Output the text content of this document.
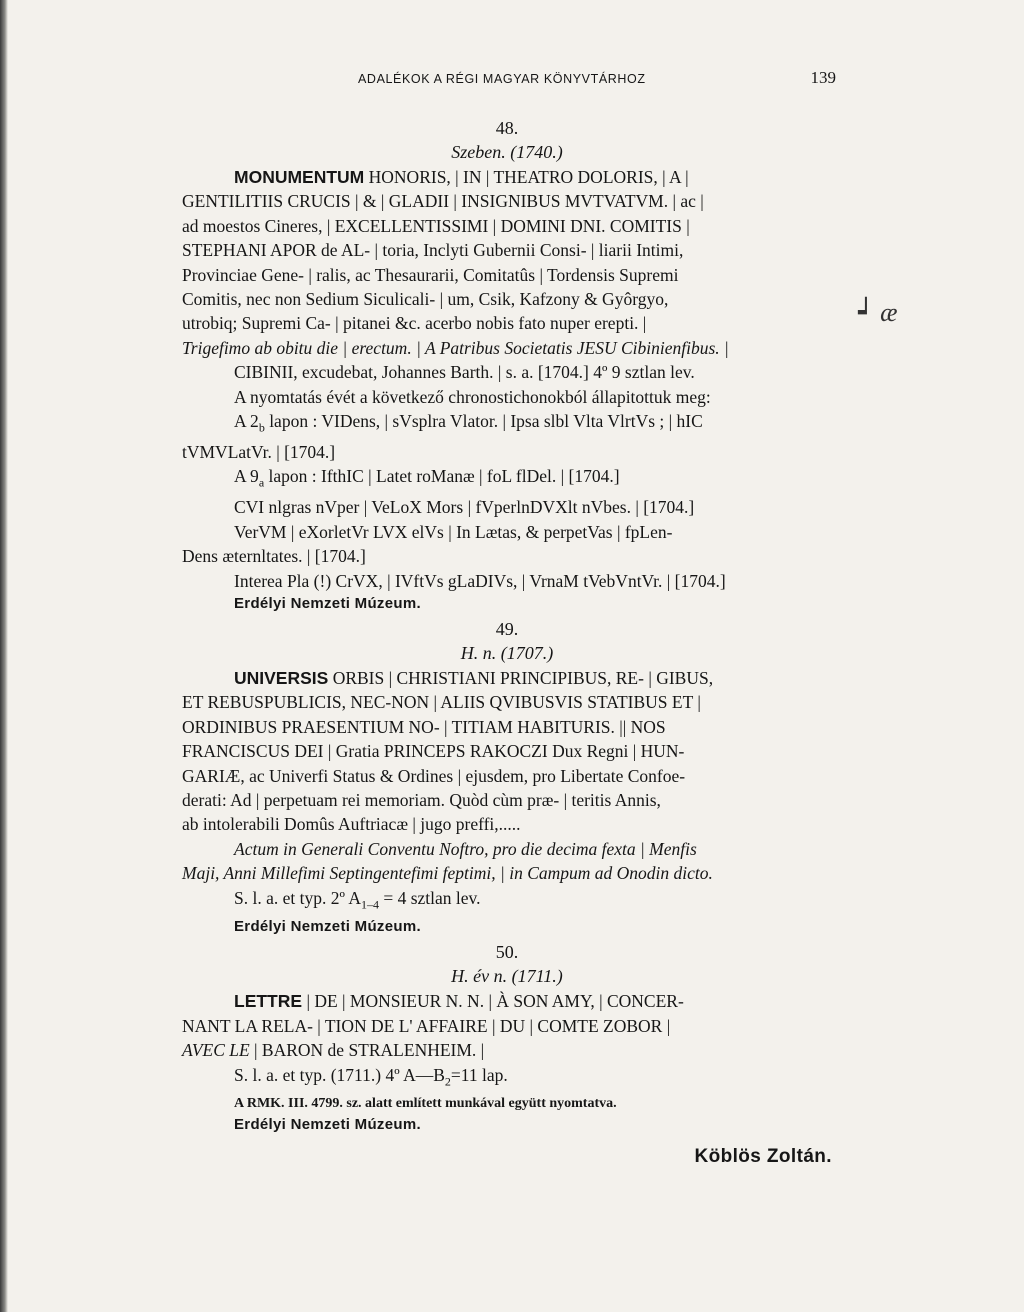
┙ æ
ADALÉKOK A RÉGI MAGYAR KÖNYVTÁRHOZ	139
48.
Szeben. (1740.)

MONUMENTUM HONORIS, | IN | THEATRO DOLORIS, | A |

GENTILITIIS CRUCIS | & | GLADII | INSIGNIBUS MVTVATVM. | ac |
ad moestos Cineres, | EXCELLENTISSIMI | DOMINI DNI. COMITIS |
STEPHANI APOR de AL- | toria, Inclyti Gubernii Consi- | liarii Intimi,
Provinciae Gene- | ralis, ac Thesaurarii, Comitatûs | Tordensis Supremi
Comitis, nec non Sedium Siculicali- | um, Csik, Kafzony & Gyôrgyo,
utrobiq; Supremi Ca- | pitanei &c. acerbo nobis fato nuper erepti. |
Trigefimo ab obitu die | erectum. | A Patribus Societatis JESU Cibinienfibus. |
CIBINII, excudebat, Johannes Barth. | s. a. [1704.] 4º 9 sztlan lev.
A nyomtatás évét a következő chronostichonokból állapitottuk meg:
A $2_b$ lapon : VIDens, | sVsplra Vlator. | Ipsa slbl Vlta VlrtVs ; | hIC
tVMVLatVr. | [1704.]
A $9_a$ lapon : IfthIC | Latet roManæ | foL flDel. | [1704.]
CVI nlgras nVper | VeLoX Mors | fVperlnDVXlt nVbes. | [1704.]
VerVM | eXorletVr LVX elVs | In Lætas, & perpetVas | fpLen-
Dens æternltates. | [1704.]
Interea Pla (!) CrVX, | IVftVs gLaDIVs, | VrnaM tVebVntVr. | [1704.]
Erdélyi Nemzeti Múzeum.
49.
H. n. (1707.)

UNIVERSIS ORBIS | CHRISTIANI PRINCIPIBUS, RE- | GIBUS,

ET REBUSPUBLICIS, NEC-NON | ALIIS QVIBUSVIS STATIBUS ET |
ORDINIBUS PRAESENTIUM NO- | TITIAM HABITURIS. || NOS
FRANCISCUS DEI | Gratia PRINCEPS RAKOCZI Dux Regni | HUN-
GARIÆ, ac Univerfi Status & Ordines | ejusdem, pro Libertate Confoe-
derati: Ad | perpetuam rei memoriam. Quòd cùm præ- | teritis Annis,
ab intolerabili Domûs Auftriacæ | jugo preffi,.....
Actum in Generali Conventu Noftro, pro die decima fexta | Menfis
Maji, Anni Millefimi Septingentefimi feptimi, | in Campum ad Onodin dicto.
S. l. a. et typ. 2º $A_{1-4} = 4$ sztlan lev.
Erdélyi Nemzeti Múzeum.
50.
H. év n. (1711.)

LETTRE | DE | MONSIEUR N. N. | À SON AMY, | CONCER-

NANT LA RELA- | TION DE L' AFFAIRE | DU | COMTE ZOBOR |
AVEC LE | BARON de STRALENHEIM. |
S. l. a. et typ. (1711.) 4º $A—B_2=11$ lap.
A RMK. III. 4799. sz. alatt említett munkával együtt nyomtatva.
Erdélyi Nemzeti Múzeum.
Köblös Zoltán.
